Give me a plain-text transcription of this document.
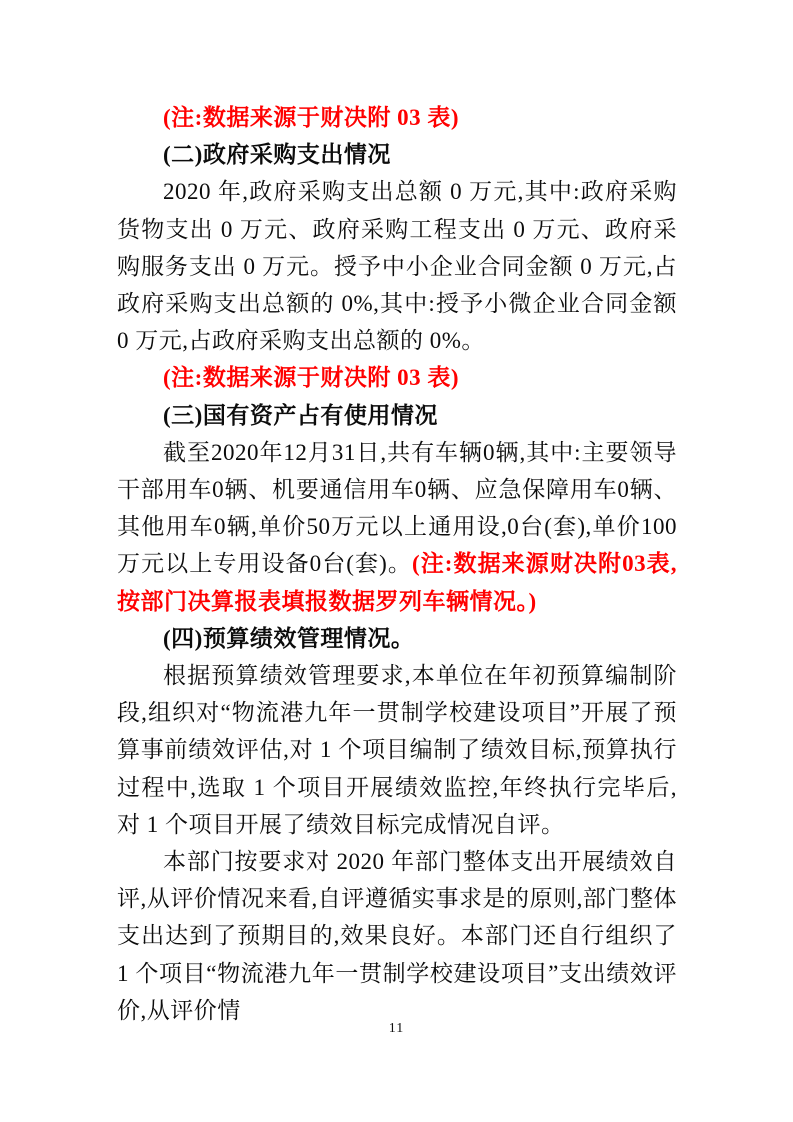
(注:数据来源于财决附 03 表)

(二)政府采购支出情况

2020 年,政府采购支出总额 0 万元,其中:政府采购货物支出 0 万元、政府采购工程支出 0 万元、政府采购服务支出 0 万元。授予中小企业合同金额 0 万元,占政府采购支出总额的 0%,其中:授予小微企业合同金额 0 万元,占政府采购支出总额的 0%。

(注:数据来源于财决附 03 表)

(三)国有资产占有使用情况

截至2020年12月31日,共有车辆0辆,其中:主要领导干部用车0辆、机要通信用车0辆、应急保障用车0辆、其他用车0辆,单价50万元以上通用设,0台(套),单价100万元以上专用设备0台(套)。(注:数据来源财决附03表,按部门决算报表填报数据罗列车辆情况。)

(四)预算绩效管理情况。

根据预算绩效管理要求,本单位在年初预算编制阶段,组织对“物流港九年一贯制学校建设项目”开展了预算事前绩效评估,对 1 个项目编制了绩效目标,预算执行过程中,选取 1 个项目开展绩效监控,年终执行完毕后,对 1 个项目开展了绩效目标完成情况自评。

本部门按要求对 2020 年部门整体支出开展绩效自评,从评价情况来看,自评遵循实事求是的原则,部门整体支出达到了预期目的,效果良好。本部门还自行组织了 1 个项目“物流港九年一贯制学校建设项目”支出绩效评价,从评价情

11
